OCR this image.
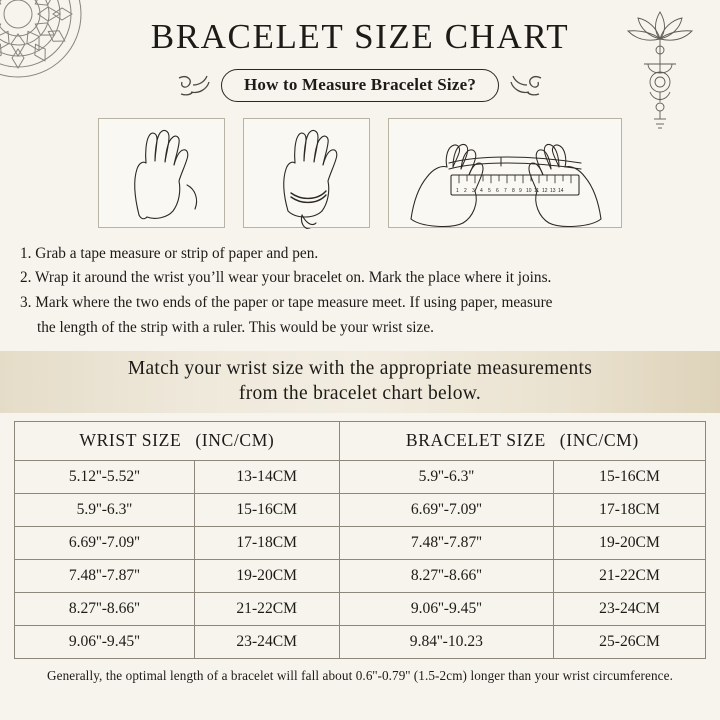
BRACELET SIZE CHART
How to Measure Bracelet Size?
1 2 3 4 5 6 7 8 9 10 11 12 13 14
1. Grab a tape measure or strip of paper and pen.
2. Wrap it around the wrist you’ll wear your bracelet on. Mark the place where it joins.
3. Mark where the two ends of the paper or tape measure meet. If using paper, measure
the length of the strip with a ruler. This would be your wrist size.
Match your wrist size with the appropriate measurements
from the bracelet chart below.
WRIST SIZE (INC/CM)		BRACELET SIZE (INC/CM)	

5.12''-5.52''	13-14CM	5.9''-6.3''	15-16CM
5.9''-6.3''	15-16CM	6.69''-7.09''	17-18CM
6.69''-7.09''	17-18CM	7.48''-7.87''	19-20CM
7.48''-7.87''	19-20CM	8.27''-8.66''	21-22CM
8.27''-8.66''	21-22CM	9.06''-9.45''	23-24CM
9.06''-9.45''	23-24CM	9.84''-10.23	25-26CM
Generally, the optimal length of a bracelet will fall about 0.6''-0.79'' (1.5-2cm) longer than your wrist circumference.
